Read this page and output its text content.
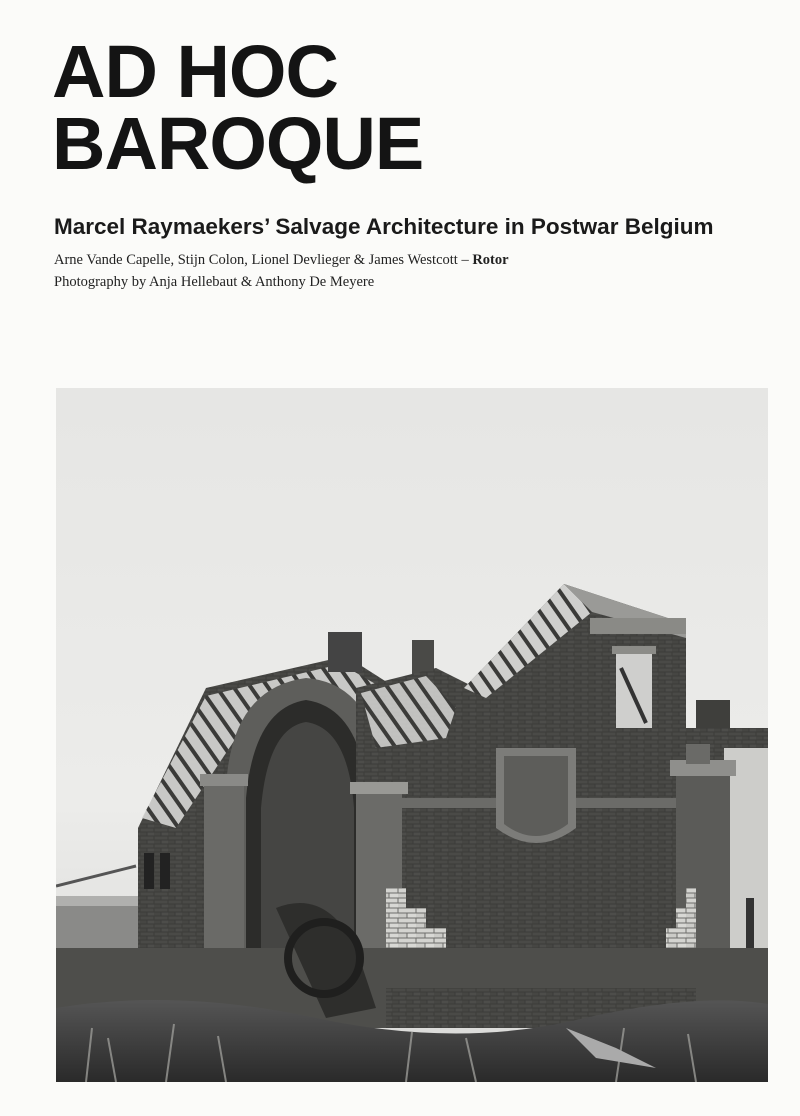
AD HOC
BAROQUE
Marcel Raymaekers’ Salvage Architecture in Postwar Belgium
Arne Vande Capelle, Stijn Colon, Lionel Devlieger & James Westcott – Rotor
Photography by Anja Hellebaut & Anthony De Meyere
